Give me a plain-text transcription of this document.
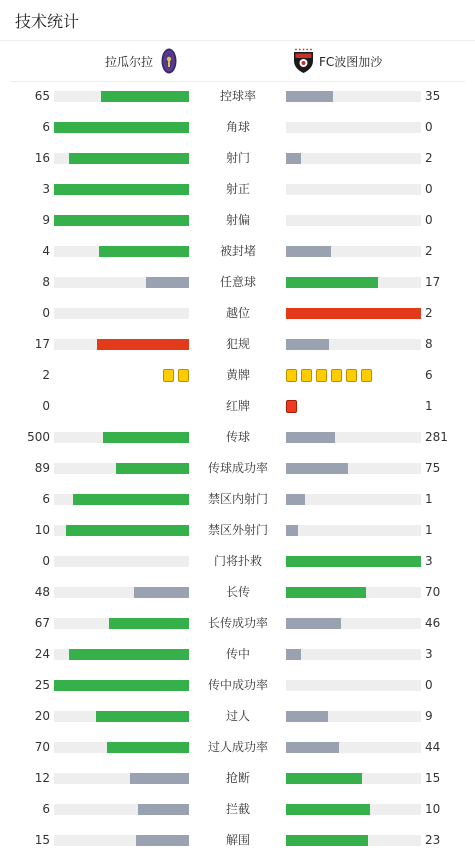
技术统计
拉瓜尔拉	FC波图加沙
65	控球率	35
6	角球	0
16	射门	2
3	射正	0
9	射偏	0
4	被封堵	2
8	任意球	17
0	越位	2
17	犯规	8
2	黄牌	6
0	红牌	1
500	传球	281
89	传球成功率	75
6	禁区内射门	1
10	禁区外射门	1
0	门将扑救	3
48	长传	70
67	长传成功率	46
24	传中	3
25	传中成功率	0
20	过人	9
70	过人成功率	44
12	抢断	15
6	拦截	10
15	解围	23
